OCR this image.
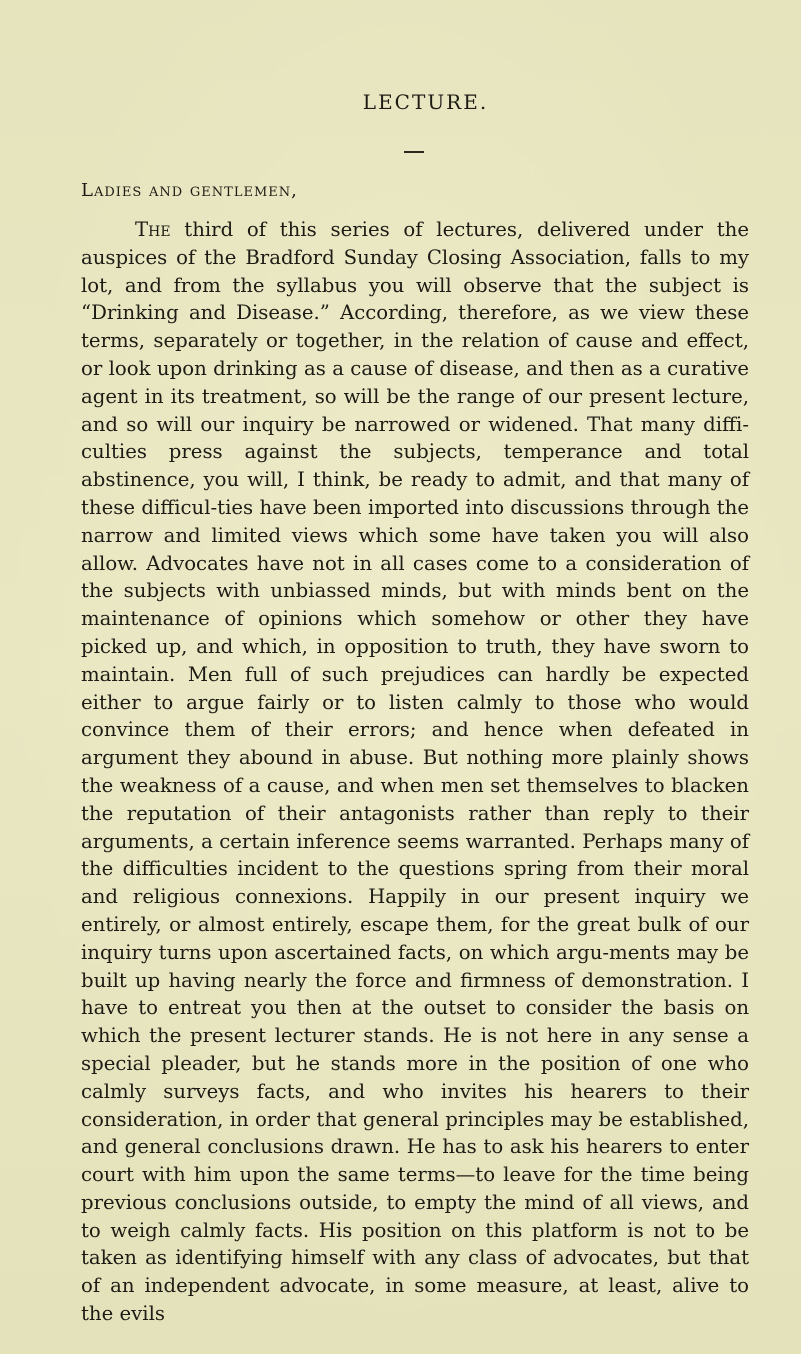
LECTURE.
Ladies and gentlemen,

The third of this series of lectures, delivered under the auspices of the Bradford Sunday Closing Association, falls to my lot, and from the syllabus you will observe that the subject is “Drinking and Disease.” According, therefore, as we view these terms, separately or together, in the relation of cause and effect, or look upon drinking as a cause of disease, and then as a curative agent in its treatment, so will be the range of our present lecture, and so will our inquiry be narrowed or widened. That many diffi-culties press against the subjects, temperance and total abstinence, you will, I think, be ready to admit, and that many of these difficul-ties have been imported into discussions through the narrow and limited views which some have taken you will also allow. Advocates have not in all cases come to a consideration of the subjects with unbiassed minds, but with minds bent on the maintenance of opinions which somehow or other they have picked up, and which, in opposition to truth, they have sworn to maintain. Men full of such prejudices can hardly be expected either to argue fairly or to listen calmly to those who would convince them of their errors; and hence when defeated in argument they abound in abuse. But nothing more plainly shows the weakness of a cause, and when men set themselves to blacken the reputation of their antagonists rather than reply to their arguments, a certain inference seems warranted. Perhaps many of the difficulties incident to the questions spring from their moral and religious connexions. Happily in our present inquiry we entirely, or almost entirely, escape them, for the great bulk of our inquiry turns upon ascertained facts, on which argu-ments may be built up having nearly the force and firmness of demonstration. I have to entreat you then at the outset to consider the basis on which the present lecturer stands. He is not here in any sense a special pleader, but he stands more in the position of one who calmly surveys facts, and who invites his hearers to their consideration, in order that general principles may be established, and general conclusions drawn. He has to ask his hearers to enter court with him upon the same terms—to leave for the time being previous conclusions outside, to empty the mind of all views, and to weigh calmly facts. His position on this platform is not to be taken as identifying himself with any class of advocates, but that of an independent advocate, in some measure, at least, alive to the evils
